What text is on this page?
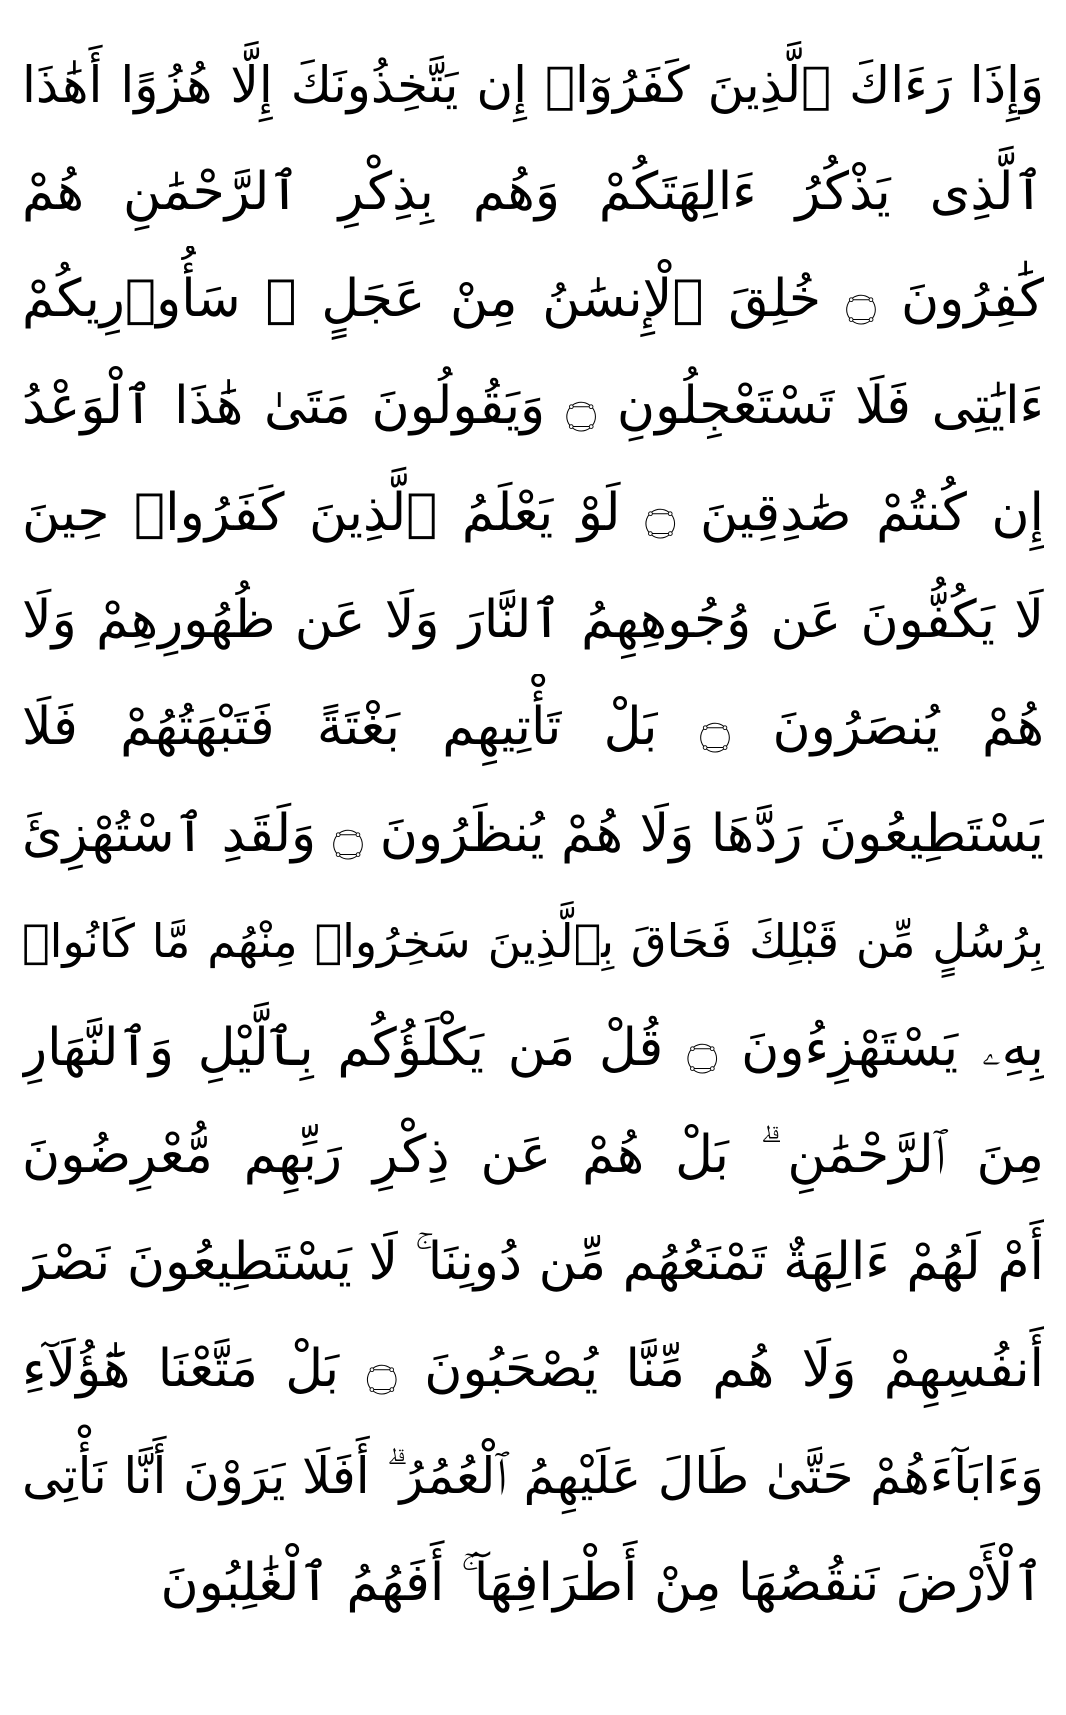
وَإِذَا رَءَاكَ ٱلَّذِينَ كَفَرُوٓا۟ إِن يَتَّخِذُونَكَ إِلَّا هُزُوًا أَهَٰذَا
ٱلَّذِى يَذْكُرُ ءَالِهَتَكُمْ وَهُم بِذِكْرِ ٱلرَّحْمَٰنِ هُمْ
كَٰفِرُونَ ۝ خُلِقَ ٱلْإِنسَٰنُ مِنْ عَجَلٍ ۚ سَأُو۟رِيكُمْ
ءَايَٰتِى فَلَا تَسْتَعْجِلُونِ ۝ وَيَقُولُونَ مَتَىٰ هَٰذَا ٱلْوَعْدُ
إِن كُنتُمْ صَٰدِقِينَ ۝ لَوْ يَعْلَمُ ٱلَّذِينَ كَفَرُوا۟ حِينَ
لَا يَكُفُّونَ عَن وُجُوهِهِمُ ٱلنَّارَ وَلَا عَن ظُهُورِهِمْ وَلَا
هُمْ يُنصَرُونَ ۝ بَلْ تَأْتِيهِم بَغْتَةً فَتَبْهَتُهُمْ فَلَا
يَسْتَطِيعُونَ رَدَّهَا وَلَا هُمْ يُنظَرُونَ ۝ وَلَقَدِ ٱسْتُهْزِئَ
بِرُسُلٍ مِّن قَبْلِكَ فَحَاقَ بِٱلَّذِينَ سَخِرُوا۟ مِنْهُم مَّا كَانُوا۟
بِهِۦ يَسْتَهْزِءُونَ ۝ قُلْ مَن يَكْلَؤُكُم بِٱلَّيْلِ وَٱلنَّهَارِ
مِنَ ٱلرَّحْمَٰنِ ۗ بَلْ هُمْ عَن ذِكْرِ رَبِّهِم مُّعْرِضُونَ
أَمْ لَهُمْ ءَالِهَةٌ تَمْنَعُهُم مِّن دُونِنَا ۚ لَا يَسْتَطِيعُونَ نَصْرَ
أَنفُسِهِمْ وَلَا هُم مِّنَّا يُصْحَبُونَ ۝ بَلْ مَتَّعْنَا هَٰٓؤُلَآءِ
وَءَابَآءَهُمْ حَتَّىٰ طَالَ عَلَيْهِمُ ٱلْعُمُرُ ۗ أَفَلَا يَرَوْنَ أَنَّا نَأْتِى
ٱلْأَرْضَ نَنقُصُهَا مِنْ أَطْرَافِهَآ ۚ أَفَهُمُ ٱلْغَٰلِبُونَ
